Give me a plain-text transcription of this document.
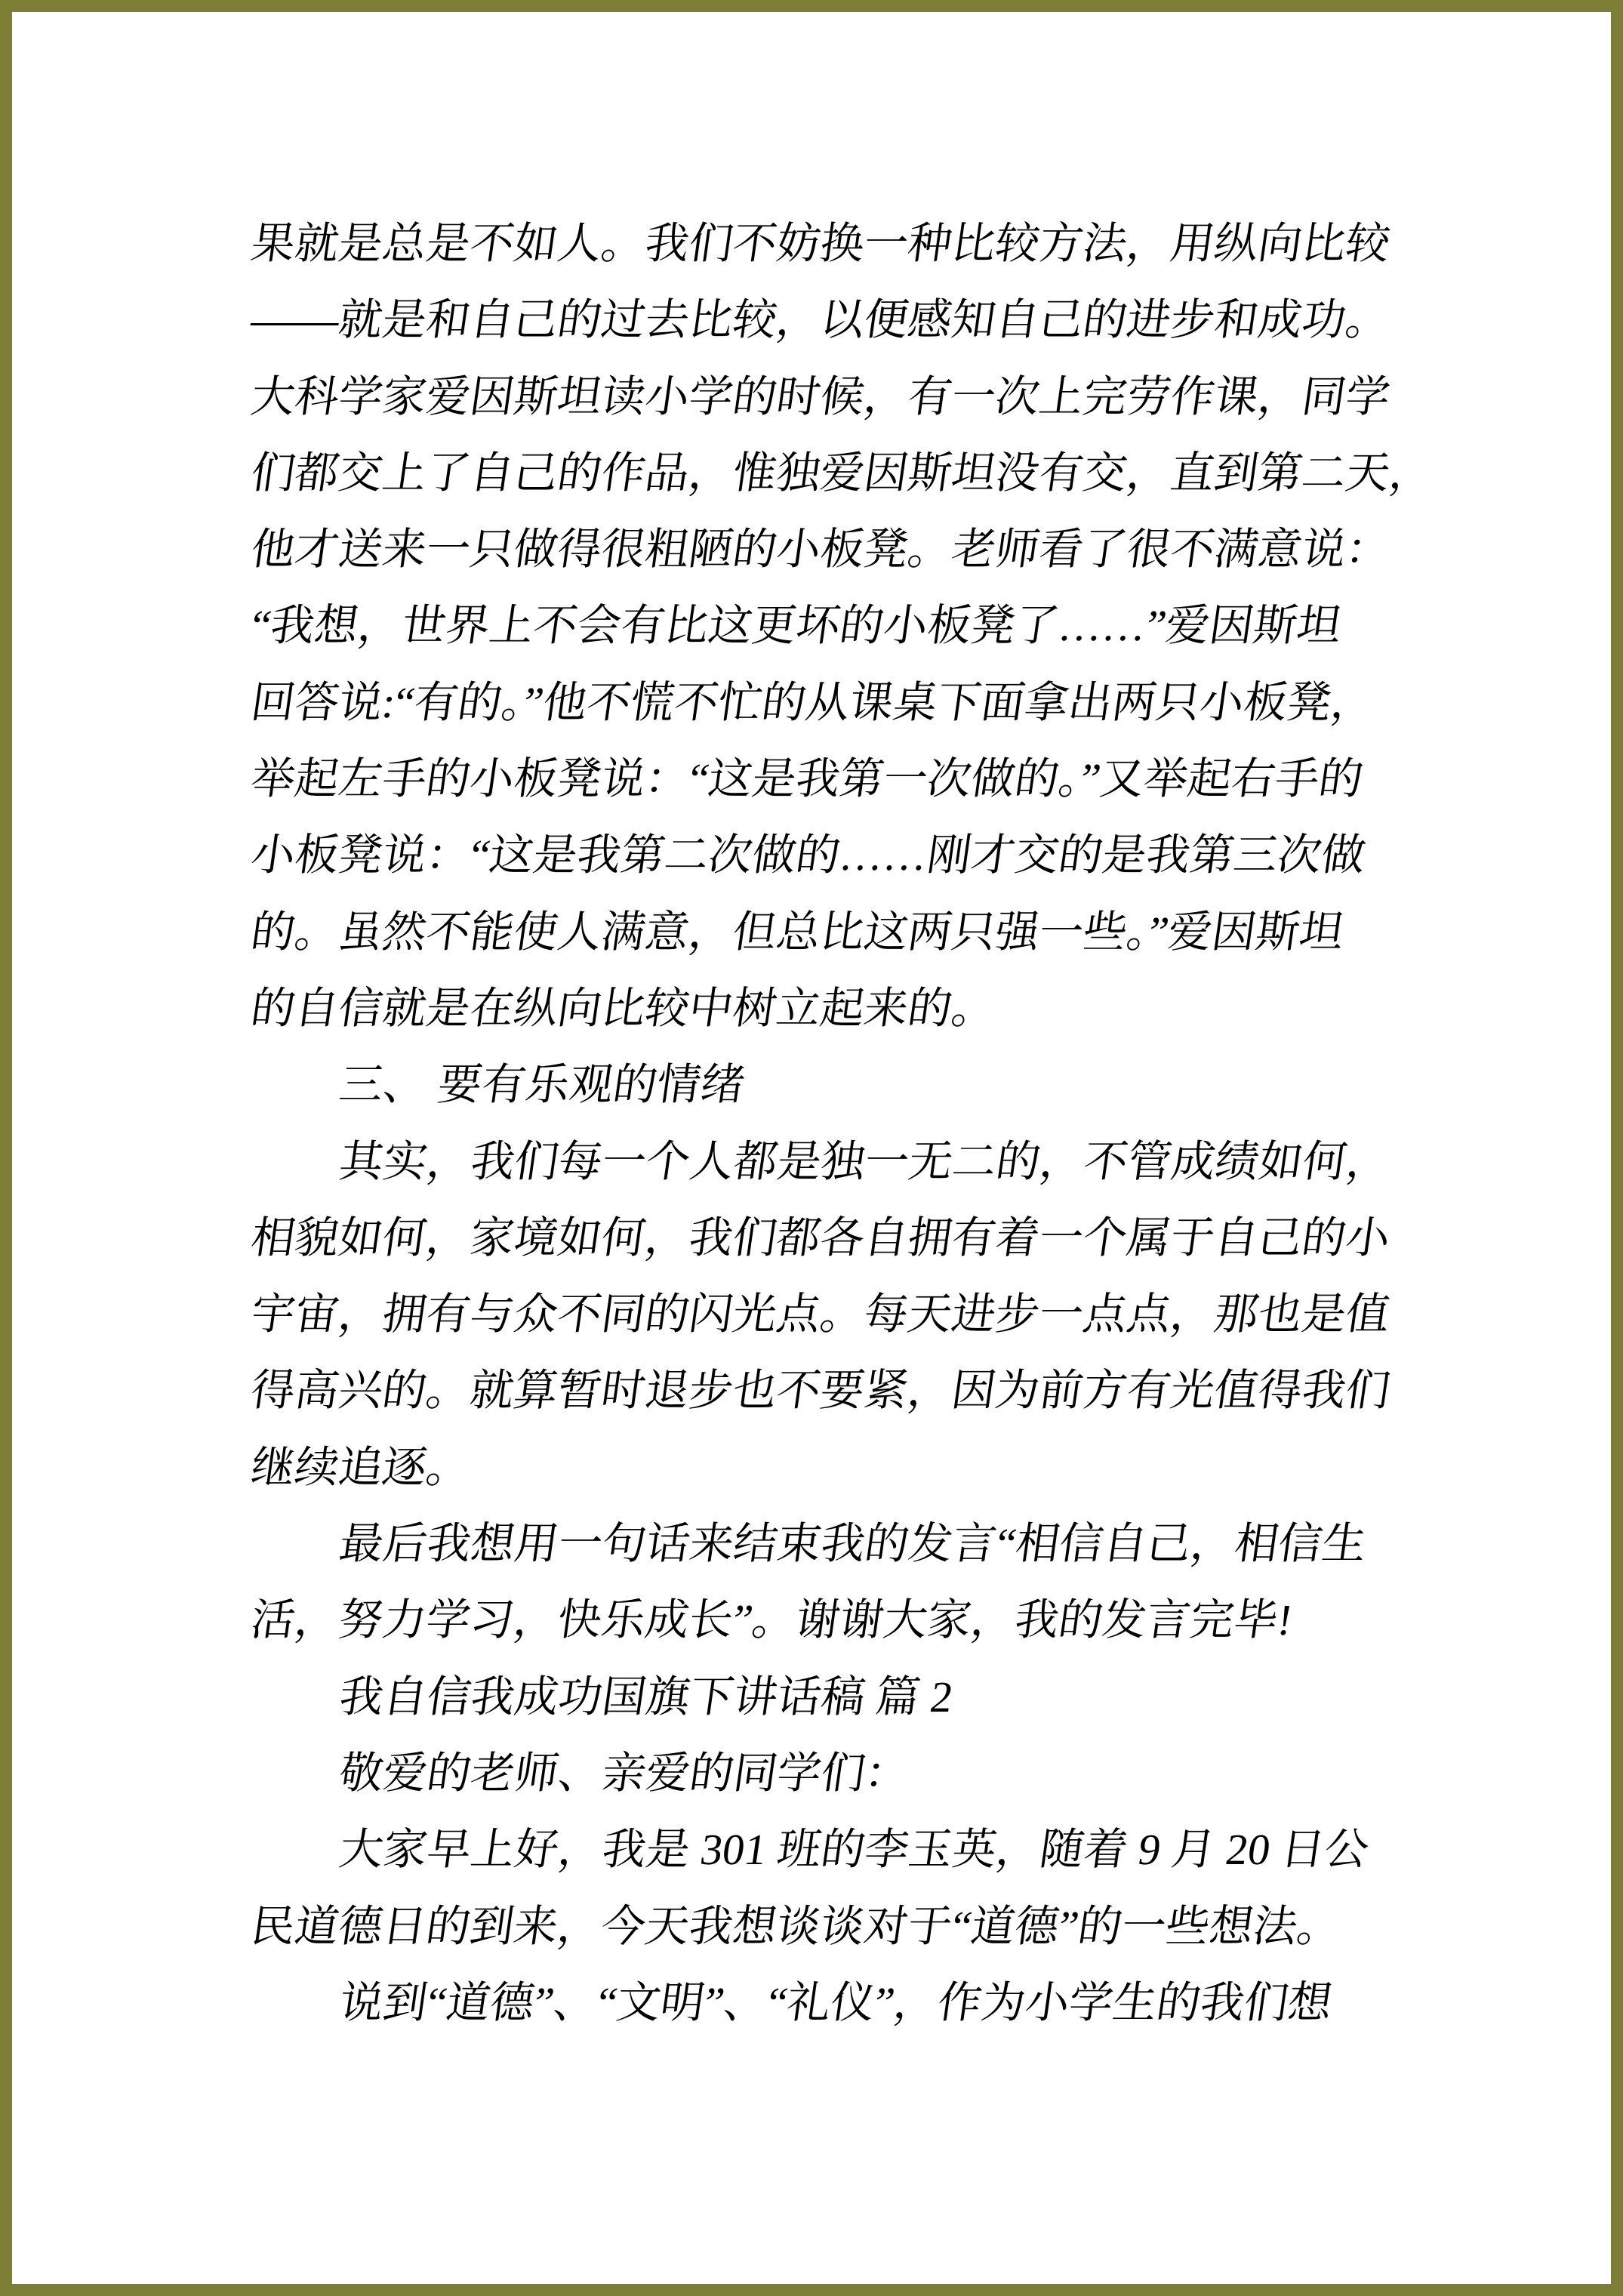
果就是总是不如人。我们不妨换一种比较方法，用纵向比较
——就是和自己的过去比较，以便感知自己的进步和成功。
大科学家爱因斯坦读小学的时候，有一次上完劳作课，同学
们都交上了自己的作品，惟独爱因斯坦没有交，直到第二天，
他才送来一只做得很粗陋的小板凳。老师看了很不满意说：
“我想，世界上不会有比这更坏的小板凳了……”爱因斯坦
回答说:“有的。”他不慌不忙的从课桌下面拿出两只小板凳，
举起左手的小板凳说：“这是我第一次做的。”又举起右手的
小板凳说：“这是我第二次做的……刚才交的是我第三次做
的。虽然不能使人满意，但总比这两只强一些。”爱因斯坦
的自信就是在纵向比较中树立起来的。
三、 要有乐观的情绪
其实，我们每一个人都是独一无二的，不管成绩如何，
相貌如何，家境如何，我们都各自拥有着一个属于自己的小
宇宙，拥有与众不同的闪光点。每天进步一点点，那也是值
得高兴的。就算暂时退步也不要紧，因为前方有光值得我们
继续追逐。
最后我想用一句话来结束我的发言“相信自己，相信生
活，努力学习，快乐成长”。谢谢大家，我的发言完毕!
我自信我成功国旗下讲话稿 篇 2
敬爱的老师、亲爱的同学们：
大家早上好，我是 301 班的李玉英，随着 9 月 20 日公
民道德日的到来，今天我想谈谈对于“道德”的一些想法。
说到“道德”、“文明”、“礼仪”，作为小学生的我们想
